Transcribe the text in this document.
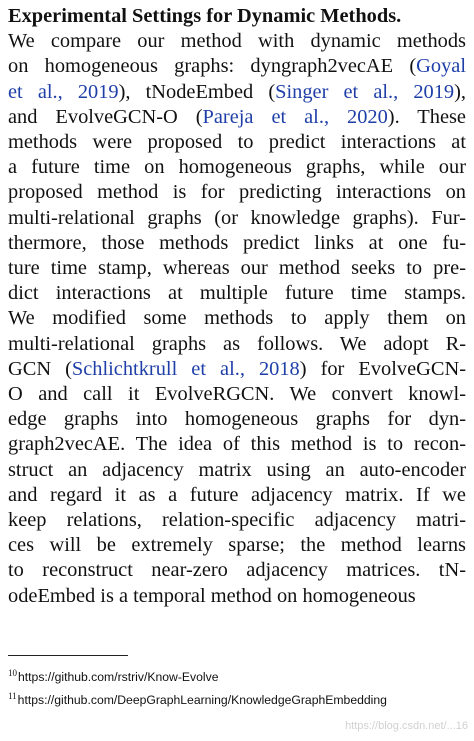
Experimental Settings for Dynamic Methods.
We compare our method with dynamic methods
on homogeneous graphs: dyngraph2vecAE (Goyal
et al., 2019), tNodeEmbed (Singer et al., 2019),
and EvolveGCN-O (Pareja et al., 2020). These
methods were proposed to predict interactions at
a future time on homogeneous graphs, while our
proposed method is for predicting interactions on
multi-relational graphs (or knowledge graphs). Fur-
thermore, those methods predict links at one fu-
ture time stamp, whereas our method seeks to pre-
dict interactions at multiple future time stamps.
We modified some methods to apply them on
multi-relational graphs as follows. We adopt R-
GCN (Schlichtkrull et al., 2018) for EvolveGCN-
O and call it EvolveRGCN. We convert knowl-
edge graphs into homogeneous graphs for dyn-
graph2vecAE. The idea of this method is to recon-
struct an adjacency matrix using an auto-encoder
and regard it as a future adjacency matrix. If we
keep relations, relation-specific adjacency matri-
ces will be extremely sparse; the method learns
to reconstruct near-zero adjacency matrices. tN-
odeEmbed is a temporal method on homogeneous
$^{10}$https://github.com/rstriv/Know-Evolve
$^{11}$https://github.com/DeepGraphLearning/KnowledgeGraphEmbedding
https://blog.csdn.net/...16
